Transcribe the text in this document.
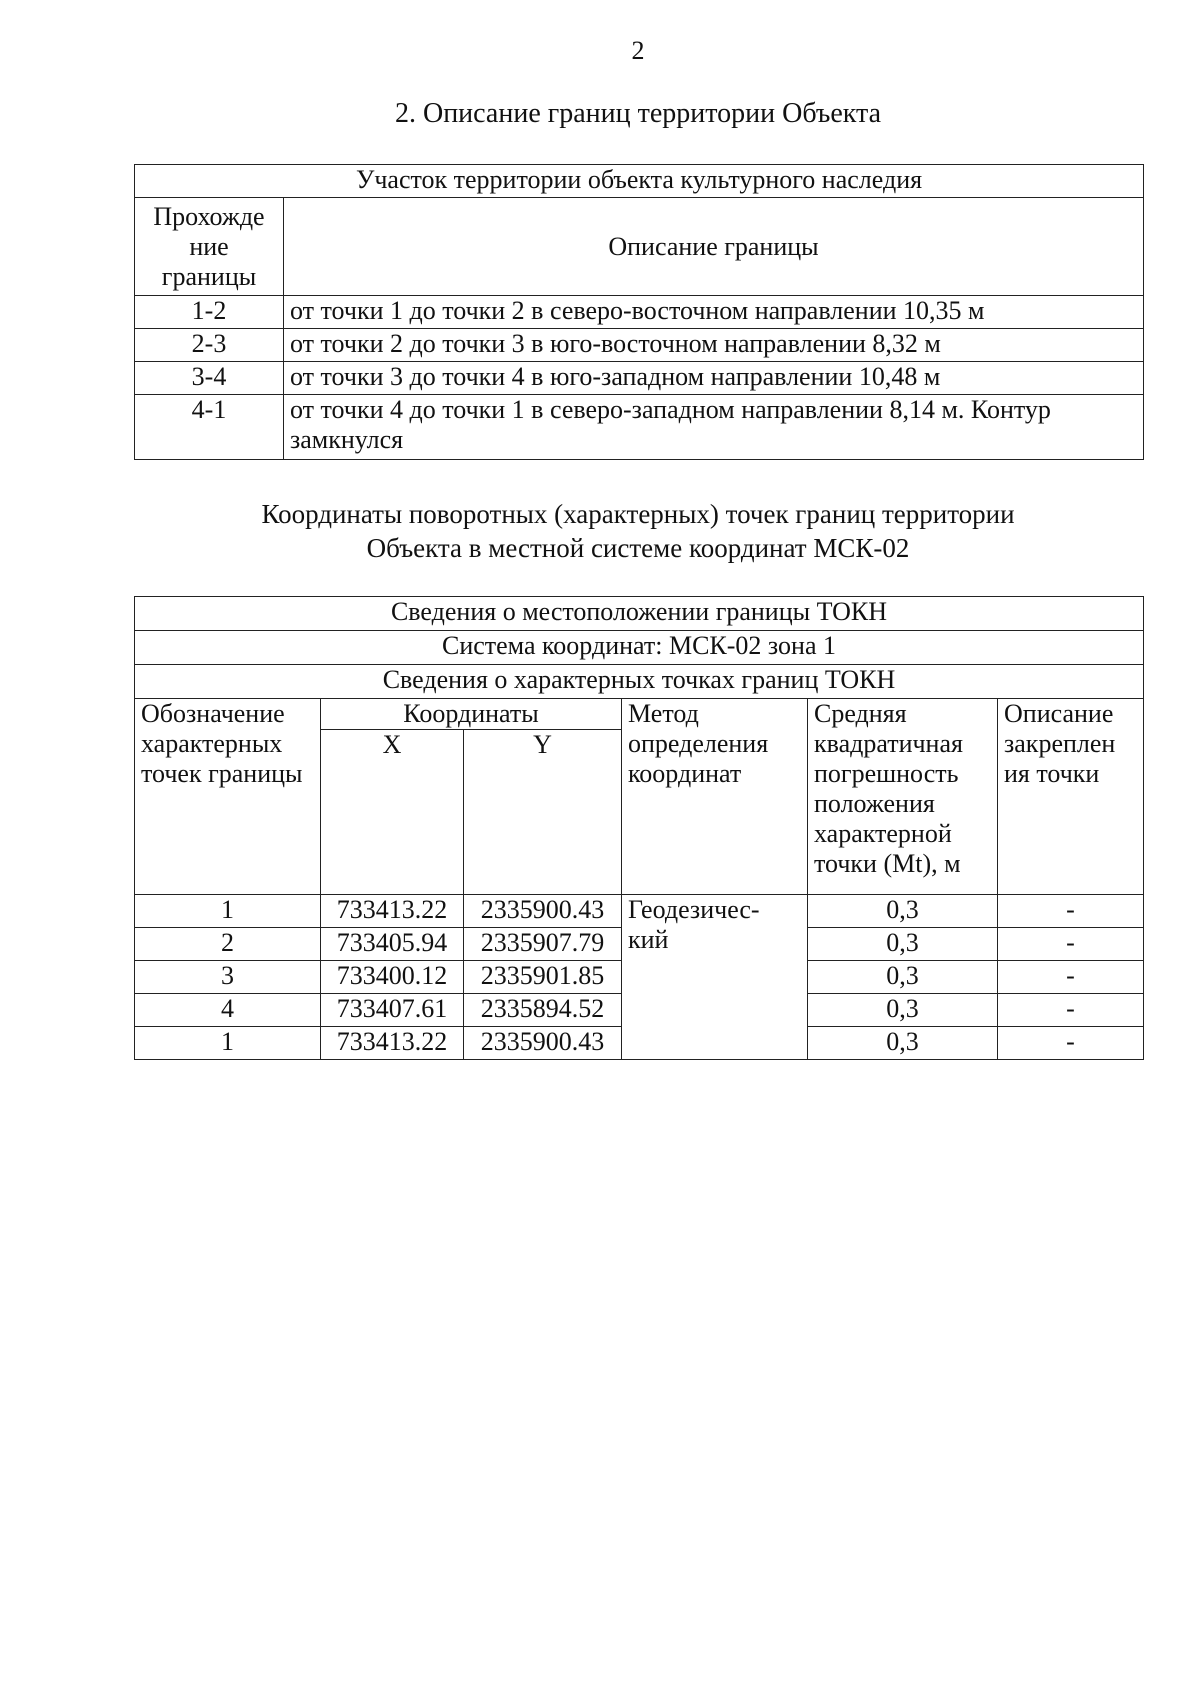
2
2. Описание границ территории Объекта
Участок территории объекта культурного наследия	
Прохожде ние границы	Описание границы
1-2	от точки 1 до точки 2 в северо-восточном направлении 10,35 м
2-3	от точки 2 до точки 3 в юго-восточном направлении 8,32 м
3-4	от точки 3 до точки 4 в юго-западном направлении 10,48 м
4-1	от точки 4 до точки 1 в северо-западном направлении 8,14 м. Контур замкнулся
Координаты поворотных (характерных) точек границ территории
Объекта в местной системе координат МСК-02
Сведения о местоположении границы ТОКН					
Система координат: МСК-02 зона 1					
Сведения о характерных точках границ ТОКН					
Обозначение характерных точек границы	Координаты		Метод определения координат	Средняя квадратичная погрешность положения характерной точки (Mt), м	Описание закреплен ия точки
	X	Y			
1	733413.22	2335900.43	Геодезичес- кий	0,3	-
2	733405.94	2335907.79		0,3	-
3	733400.12	2335901.85		0,3	-
4	733407.61	2335894.52		0,3	-
1	733413.22	2335900.43		0,3	-
